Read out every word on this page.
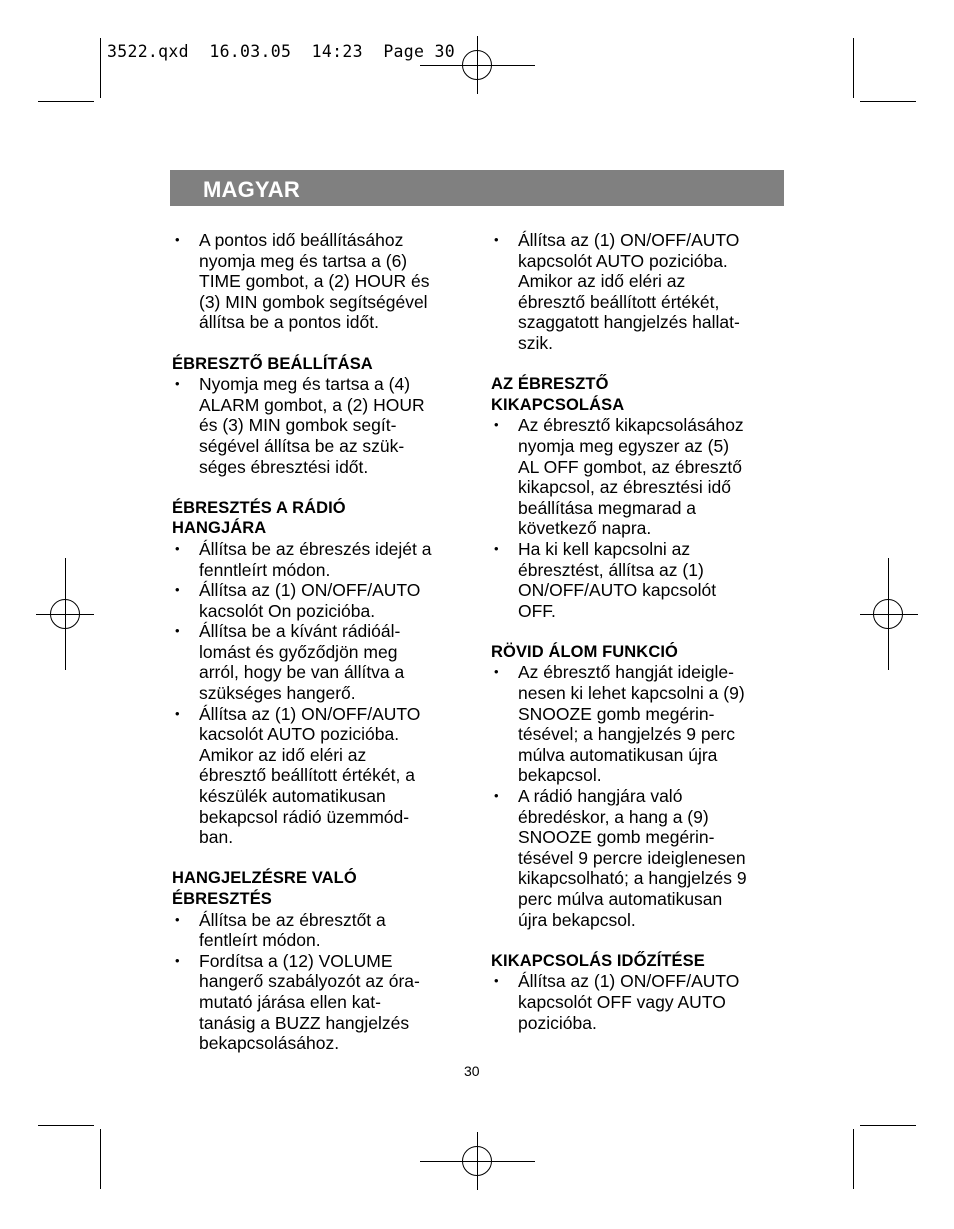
3522.qxd  16.03.05  14:23  Page 30
MAGYAR
• A pontos idő beállításához
nyomja meg és tartsa a (6)
TIME gombot, a (2) HOUR és
(3) MIN gombok segítségével
állítsa be a pontos időt.
ÉBRESZTŐ BEÁLLÍTÁSA
• Nyomja meg és tartsa a (4)
ALARM gombot, a (2) HOUR
és (3) MIN gombok segít-
ségével állítsa be az szük-
séges ébresztési időt.
ÉBRESZTÉS A RÁDIÓ
HANGJÁRA
• Állítsa be az ébreszés idejét a
fenntleírt módon.
• Állítsa az (1) ON/OFF/AUTO
kacsolót On pozicióba.
• Állítsa be a kívánt rádióál-
lomást és győződjön meg
arról, hogy be van állítva a
szükséges hangerő.
• Állítsa az (1) ON/OFF/AUTO
kacsolót AUTO pozicióba.
Amikor az idő eléri az
ébresztő beállított értékét, a
készülék automatikusan
bekapcsol rádió üzemmód-
ban.
HANGJELZÉSRE VALÓ
ÉBRESZTÉS
• Állítsa be az ébresztőt a
fentleírt módon.
• Fordítsa a (12) VOLUME
hangerő szabályozót az óra-
mutató járása ellen kat-
tanásig a BUZZ hangjelzés
bekapcsolásához.
• Állítsa az (1) ON/OFF/AUTO
kapcsolót AUTO pozicióba.
Amikor az idő eléri az
ébresztő beállított értékét,
szaggatott hangjelzés hallat-
szik.
AZ ÉBRESZTŐ
KIKAPCSOLÁSA
• Az ébresztő kikapcsolásához
nyomja meg egyszer az (5)
AL OFF gombot, az ébresztő
kikapcsol, az ébresztési idő
beállítása megmarad a
következő napra.
• Ha ki kell kapcsolni az
ébresztést, állítsa az (1)
ON/OFF/AUTO kapcsolót
OFF.
RÖVID ÁLOM FUNKCIÓ
• Az ébresztő hangját ideigle-
nesen ki lehet kapcsolni a (9)
SNOOZE gomb megérin-
tésével; a hangjelzés 9 perc
múlva automatikusan újra
bekapcsol.
• A rádió hangjára való
ébredéskor, a hang a (9)
SNOOZE gomb megérin-
tésével 9 percre ideiglenesen
kikapcsolható; a hangjelzés 9
perc múlva automatikusan
újra bekapcsol.
KIKAPCSOLÁS IDŐZÍTÉSE
• Állítsa az (1) ON/OFF/AUTO
kapcsolót OFF vagy AUTO
pozicióba.
30
